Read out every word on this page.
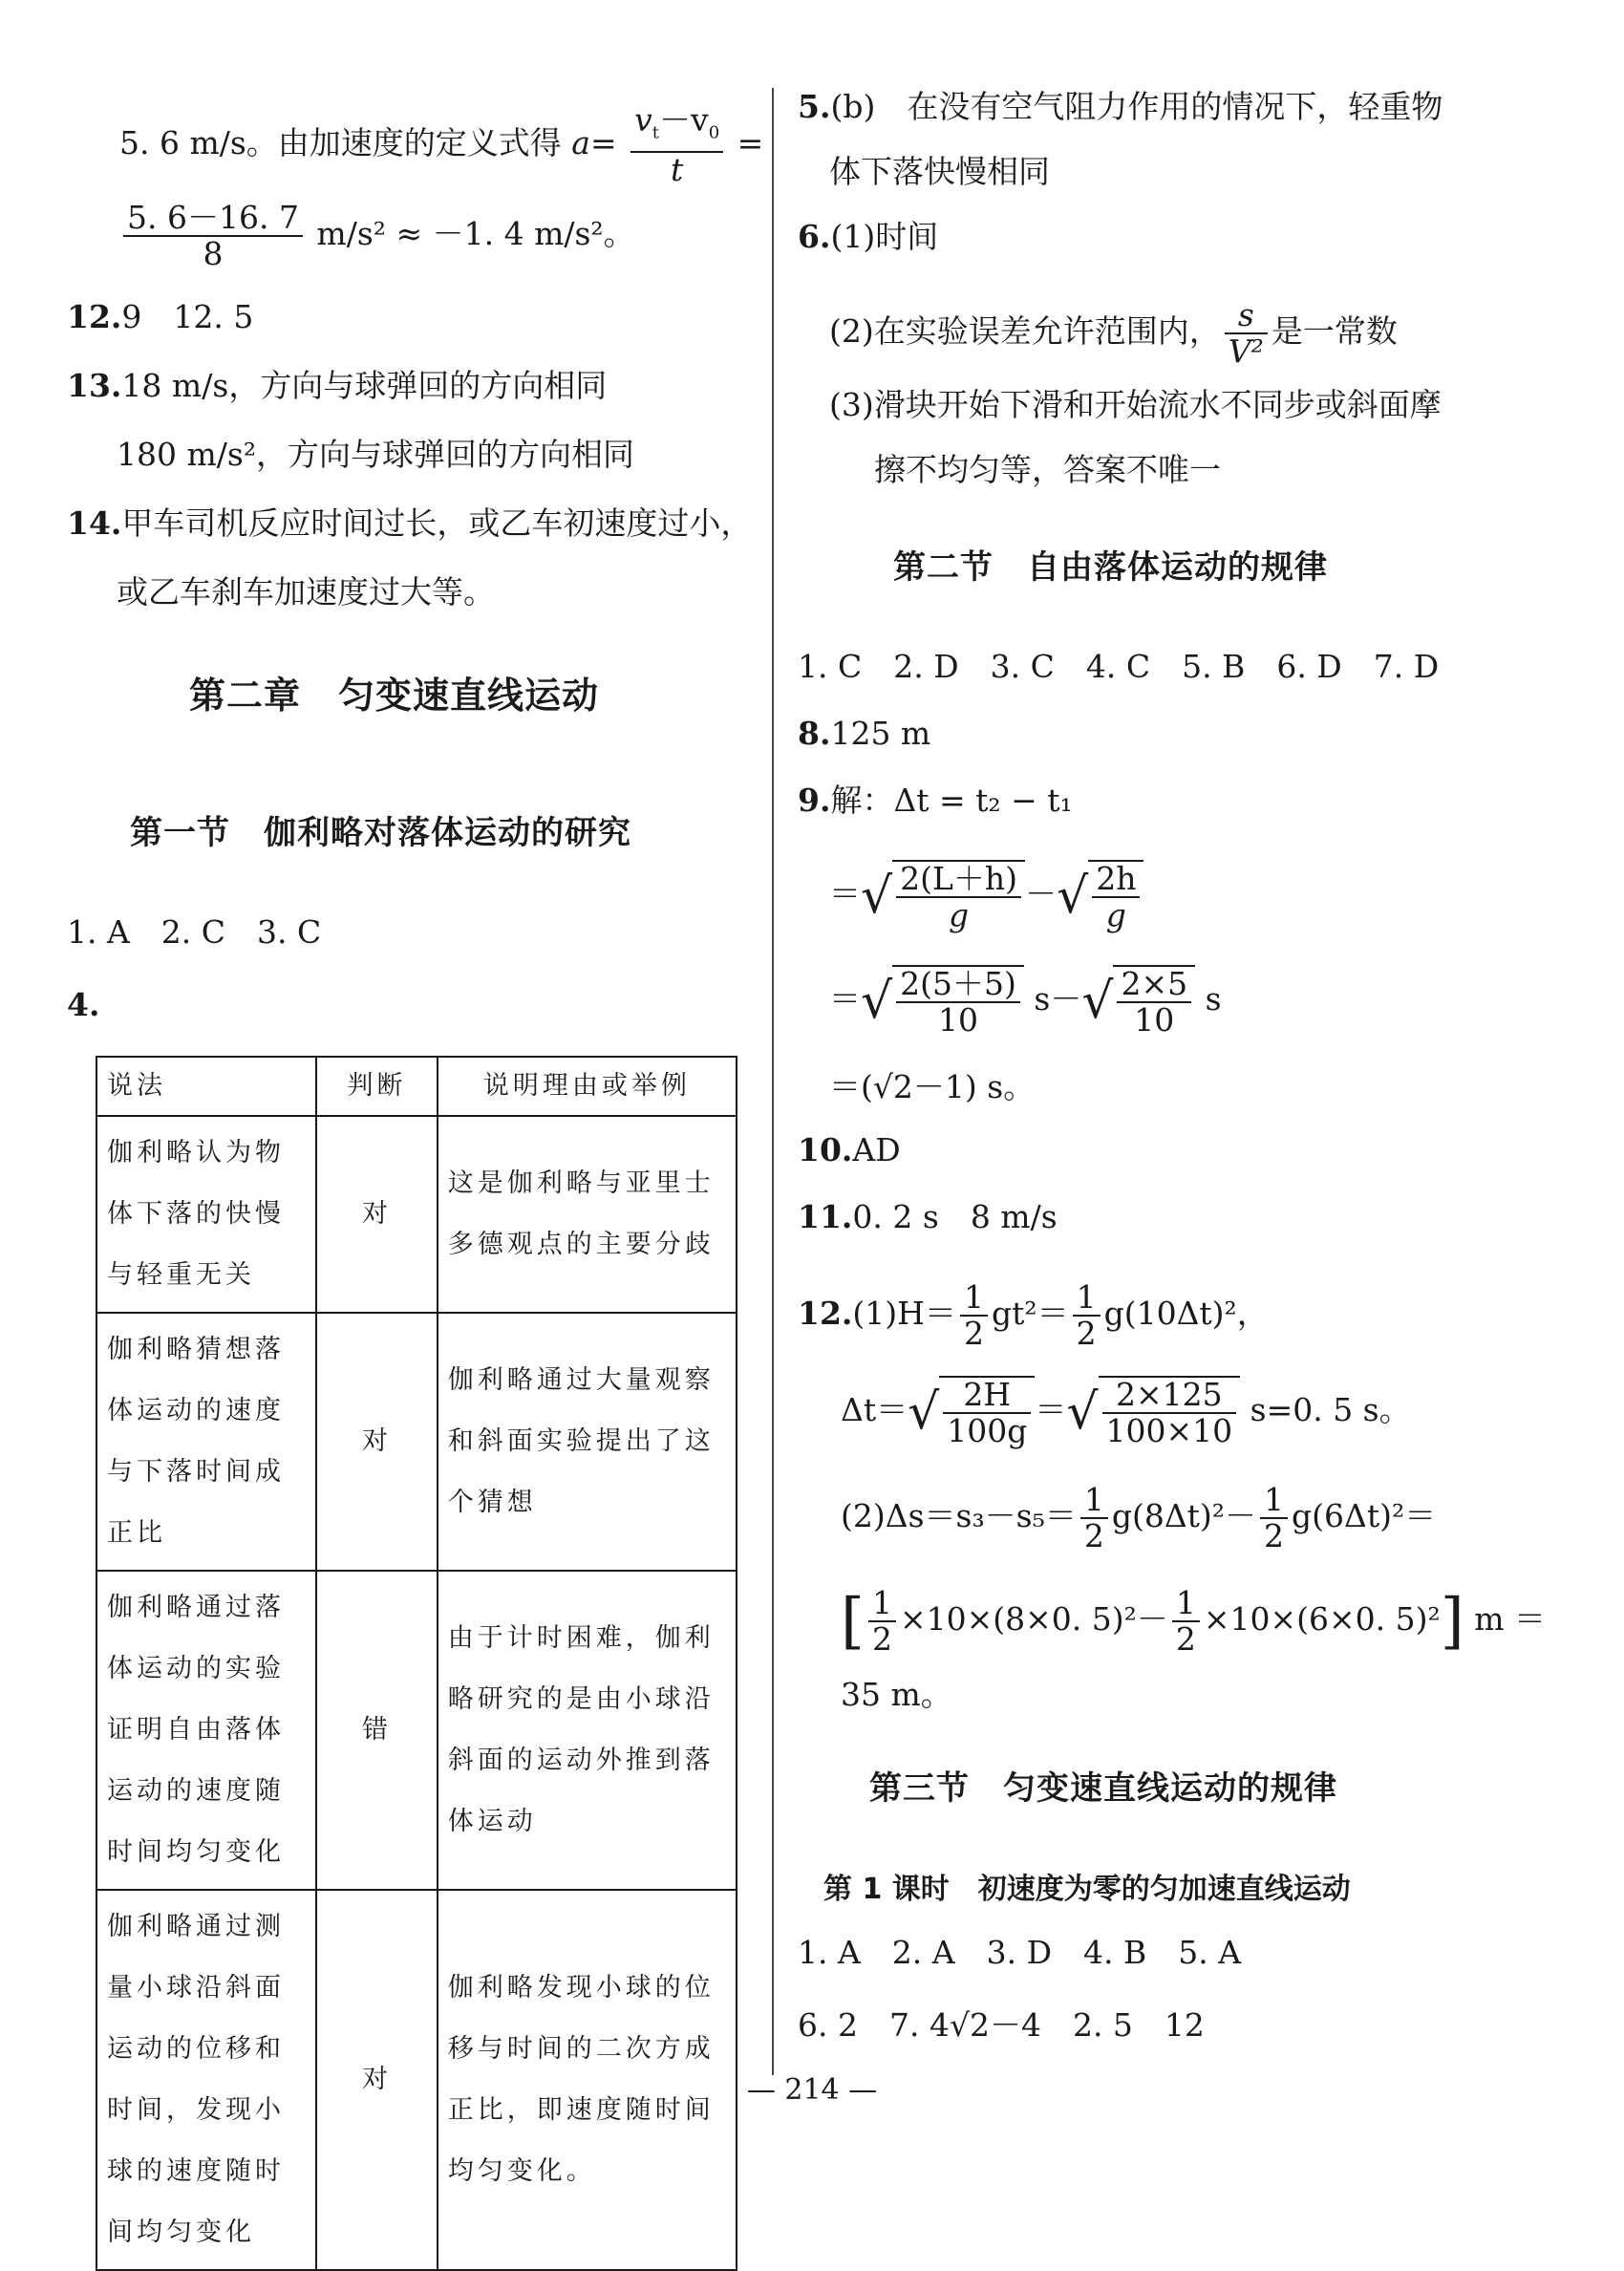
5. 6 m/s。由加速度的定义式得 $a= \frac{v_t-v_0}{t}$ =
$\frac{5. 6-16. 7}{8} m/s^2 \approx -1$. 4 m/s²。
12.9　12. 5
13.18 m/s，方向与球弹回的方向相同
180 m/s²，方向与球弹回的方向相同
14.甲车司机反应时间过长，或乙车初速度过小，
或乙车刹车加速度过大等。
第二章　匀变速直线运动
第一节　伽利略对落体运动的研究
1. A　2. C　3. C
4.
说法	判断	说明理由或举例
伽利略认为物体下落的快慢与轻重无关	对	这是伽利略与亚里士多德观点的主要分歧
伽利略猜想落体运动的速度与下落时间成正比	对	伽利略通过大量观察和斜面实验提出了这个猜想
伽利略通过落体运动的实验证明自由落体运动的速度随时间均匀变化	错	由于计时困难，伽利略研究的是由小球沿斜面的运动外推到落体运动
伽利略通过测量小球沿斜面运动的位移和时间，发现小球的速度随时间均匀变化	对	伽利略发现小球的位移与时间的二次方成正比，即速度随时间均匀变化。
5.(b)　在没有空气阻力作用的情况下，轻重物
体下落快慢相同
6.(1)时间
(2)在实验误差允许范围内， $\frac{s}{\text{V²}}$ 是一常数
(3)滑块开始下滑和开始流水不同步或斜面摩
擦不均匀等，答案不唯一
第二节　自由落体运动的规律
1. C　2. D　3. C　4. C　5. B　6. D　7. D
8.125 m
9.解：Δt = t₂ − t₁
＝√ $\frac{2(L+h)}{g}$ －√ $\frac{2h}{g}$
＝√ $\frac{2(5+5)}{10} s-√ \frac{2\times 5}{10}$ s
＝(√2－1) s。
10.AD
11.0. 2 s　8 m/s
$12.(1)H= \frac{1}{2} gt^2= \frac{1}{2} g(10\Delta t)^2$，
$\Delta t=√ \frac{2H}{100g}$ ＝√ $\frac{2\times 125}{100\times 10} s=0$. 5 s。
$(2)\Delta s=s_3-s_5= \frac{1}{2} g(8\Delta t)^2- \frac{1}{2} g(6\Delta t)^2=$
[ $\frac{1}{2} \times 10\times(8\times 0$. $5)^2- \frac{1}{2} \times 10\times(6\times 0$. 5)²] m ＝
35 m。
第三节　匀变速直线运动的规律
第 1 课时　初速度为零的匀加速直线运动
1. A　2. A　3. D　4. B　5. A
6. 2　7. 4√2－4　2. 5　12
— 214 —
